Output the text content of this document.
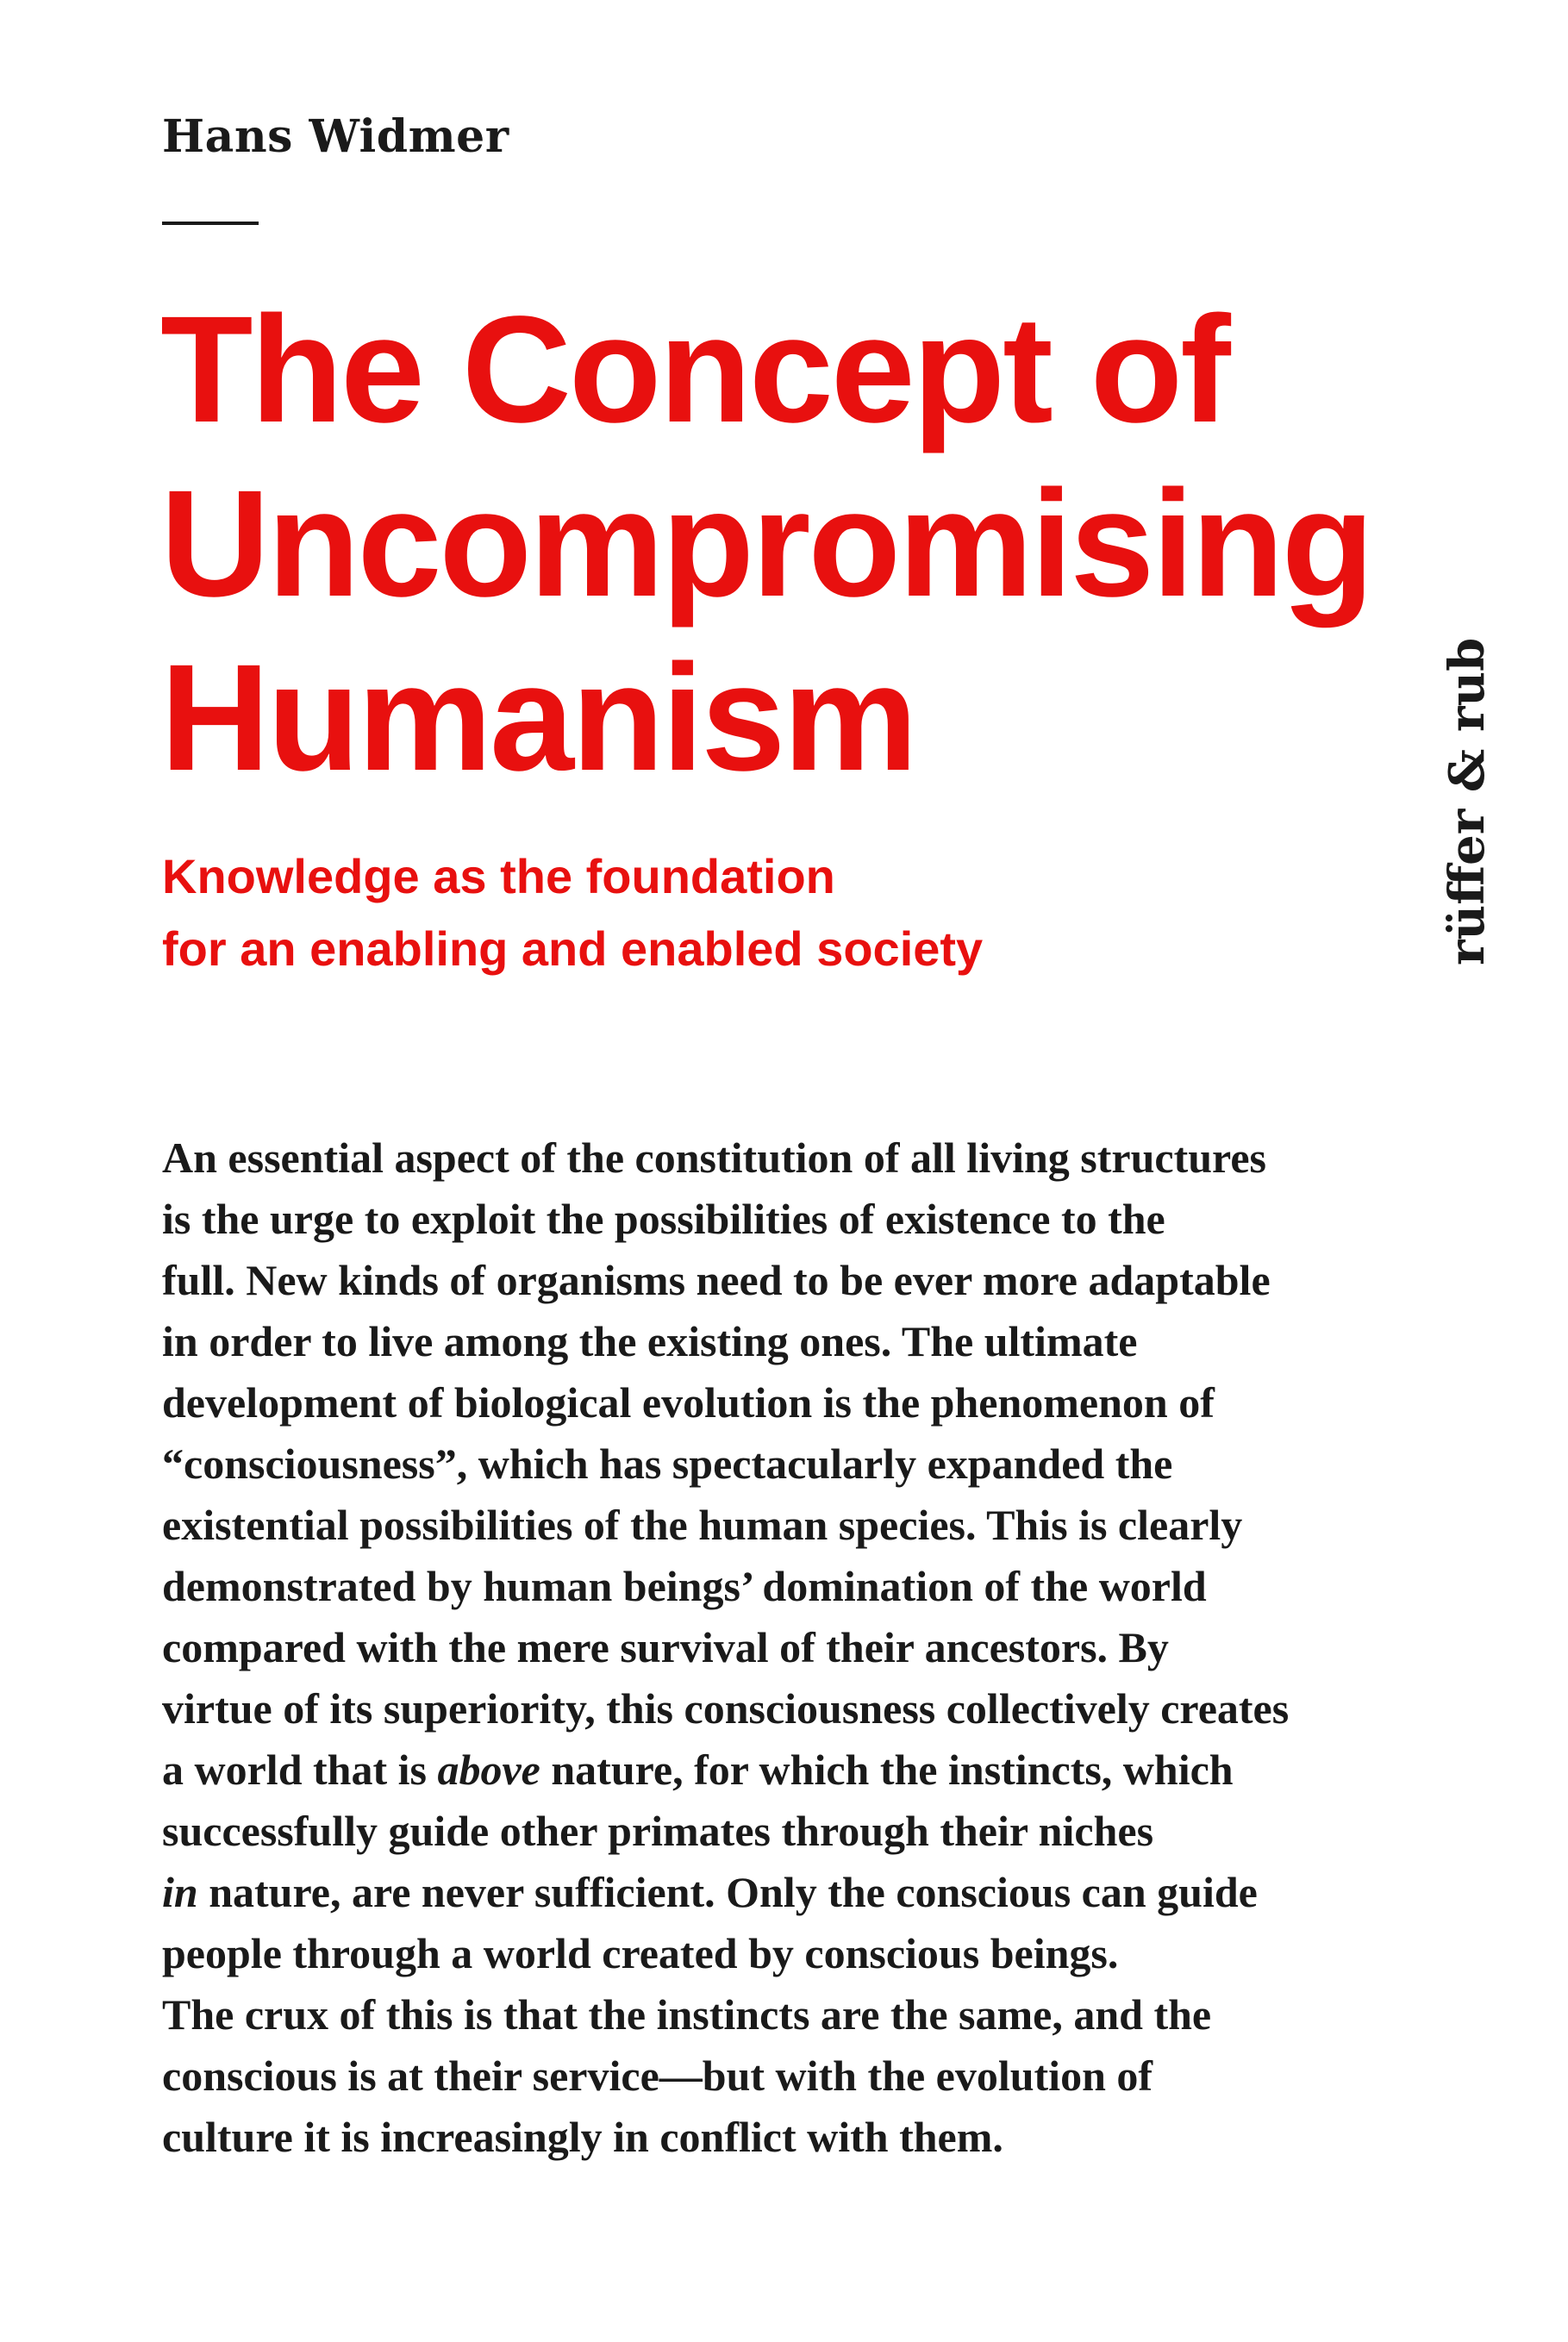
Hans Widmer

The Concept of
Uncompromising
Humanism
Knowledge as the foundation
for an enabling and enabled society	rüffer & rub

An essential aspect of the constitution of all living structures
is the urge to exploit the possibilities of existence to the
full. New kinds of organisms need to be ever more adaptable
in order to live among the existing ones. The ultimate
development of biological evolution is the phenomenon of
“consciousness”, which has spectacularly expanded the
existential possibilities of the human species. This is clearly
demonstrated by human beings’ domination of the world
compared with the mere survival of their ancestors. By
virtue of its superiority, this consciousness collectively creates
a world that is above nature, for which the instincts, which
successfully guide other primates through their niches
in nature, are never sufficient. Only the conscious can guide
people through a world created by conscious beings.
The crux of this is that the instincts are the same, and the
conscious is at their service—but with the evolution of
culture it is increasingly in conflict with them.
